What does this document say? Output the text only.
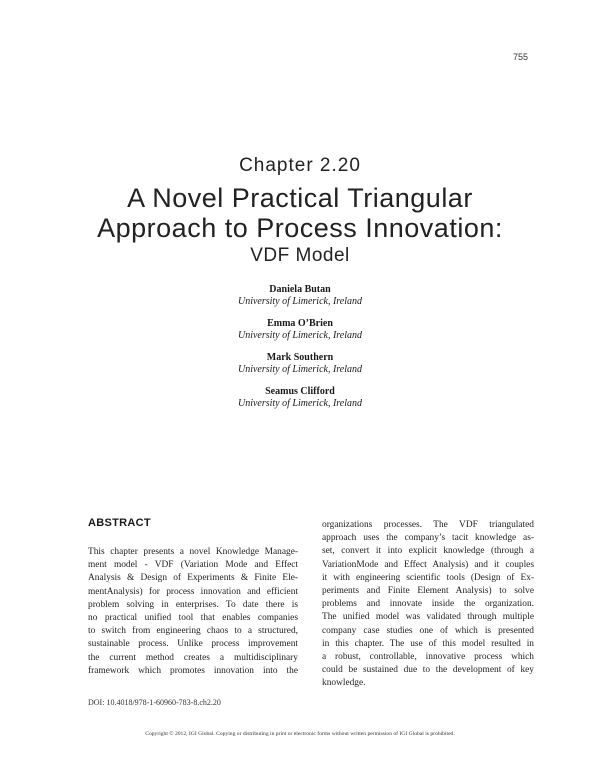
755
Chapter 2.20
A Novel Practical Triangular
Approach to Process Innovation:
VDF Model
Daniela Butan
University of Limerick, Ireland
Emma O’Brien
University of Limerick, Ireland
Mark Southern
University of Limerick, Ireland
Seamus Clifford
University of Limerick, Ireland
ABSTRACT
This chapter presents a novel Knowledge Manage-
ment model - VDF (Variation Mode and Effect
Analysis & Design of Experiments & Finite Ele-
mentAnalysis) for process innovation and efficient
problem solving in enterprises. To date there is
no practical unified tool that enables companies
to switch from engineering chaos to a structured,
sustainable process. Unlike process improvement
the current method creates a multidisciplinary
framework which promotes innovation into the
organizations processes. The VDF triangulated
approach uses the company’s tacit knowledge as-
set, convert it into explicit knowledge (through a
VariationMode and Effect Analysis) and it couples
it with engineering scientific tools (Design of Ex-
periments and Finite Element Analysis) to solve
problems and innovate inside the organization.
The unified model was validated through multiple
company case studies one of which is presented
in this chapter. The use of this model resulted in
a robust, controllable, innovative process which
could be sustained due to the development of key
knowledge.
DOI: 10.4018/978-1-60960-783-8.ch2.20
Copyright © 2012, IGI Global. Copying or distributing in print or electronic forms without written permission of IGI Global is prohibited.
